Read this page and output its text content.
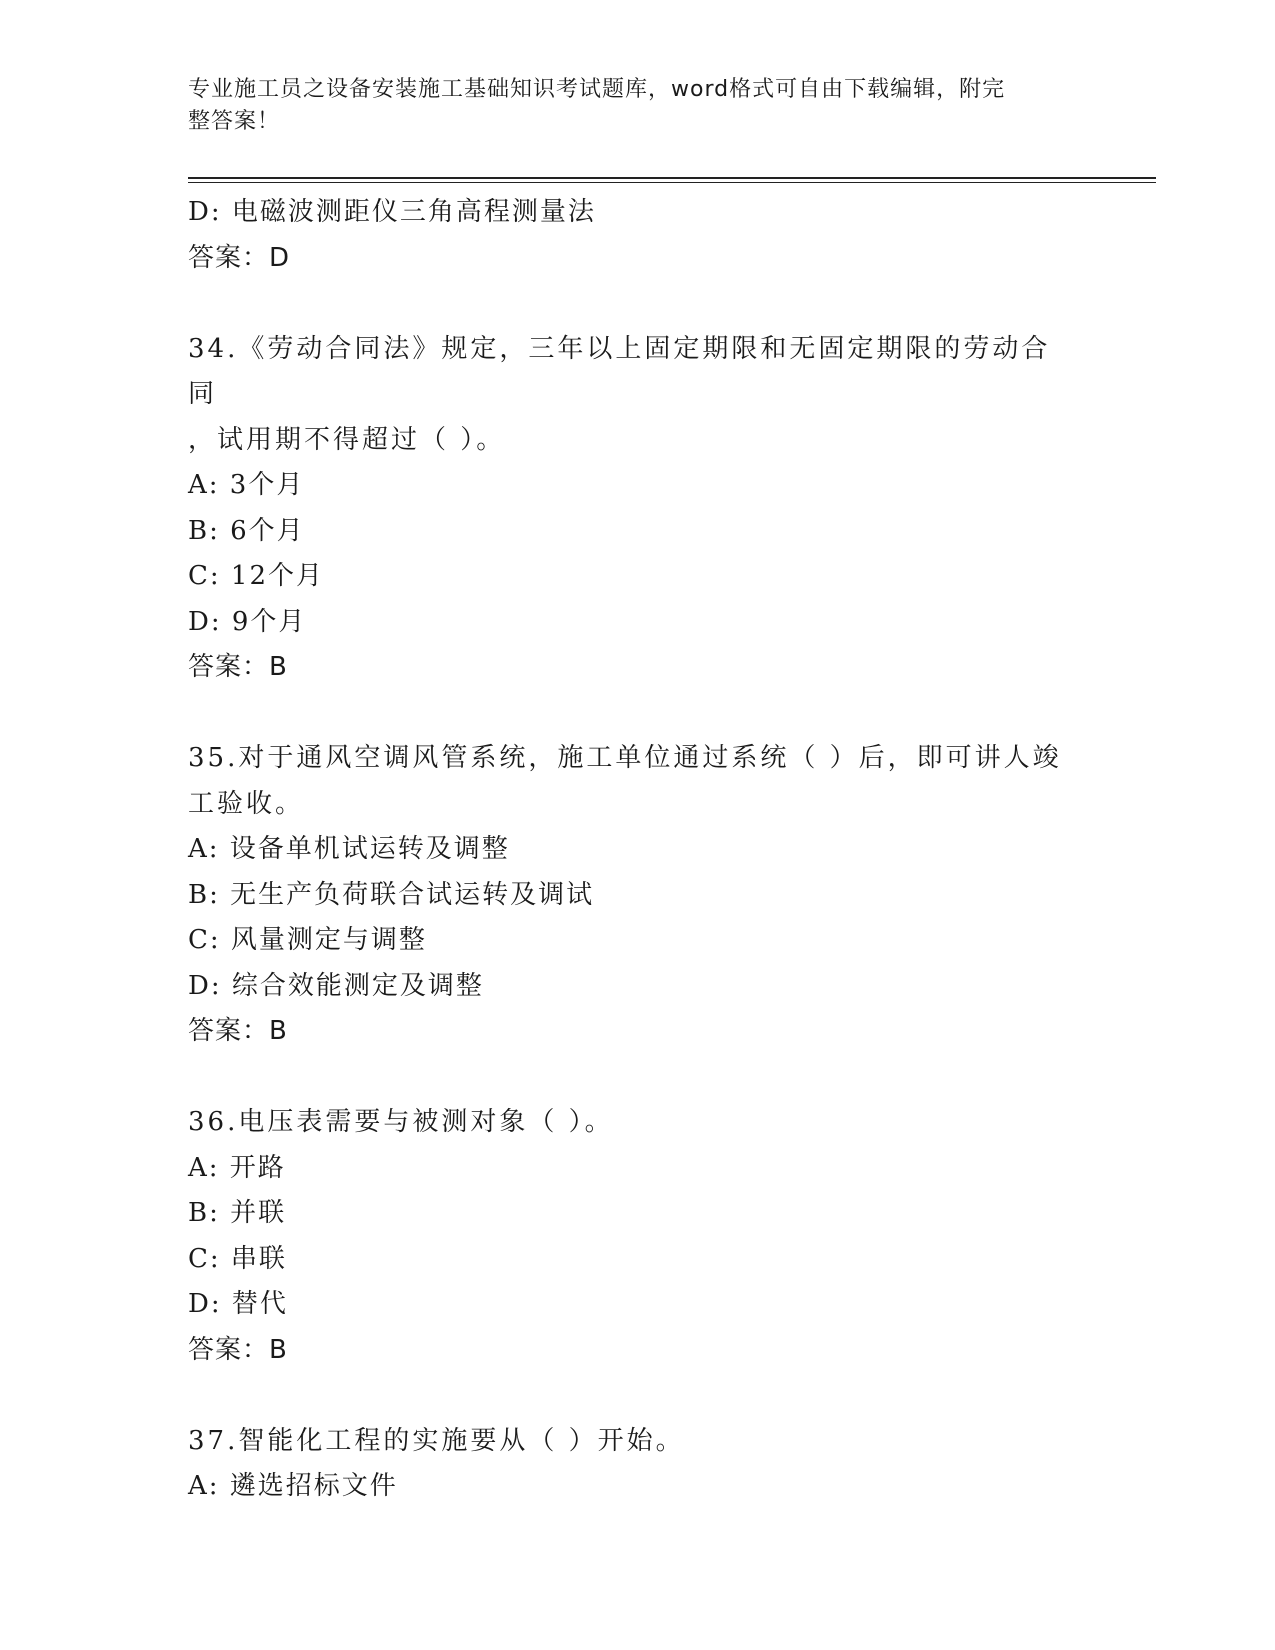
专业施工员之设备安装施工基础知识考试题库，word格式可自由下载编辑，附完
整答案！
D: 电磁波测距仪三角高程测量法
答案：D
34.《劳动合同法》规定，三年以上固定期限和无固定期限的劳动合同
，试用期不得超过（ ）。
A: 3个月
B: 6个月
C: 12个月
D: 9个月
答案：B
35.对于通风空调风管系统，施工单位通过系统（ ）后，即可讲人竣
工验收。
A: 设备单机试运转及调整
B: 无生产负荷联合试运转及调试
C: 风量测定与调整
D: 综合效能测定及调整
答案：B
36.电压表需要与被测对象（ ）。
A: 开路
B: 并联
C: 串联
D: 替代
答案：B
37.智能化工程的实施要从（ ）开始。
A: 遴选招标文件
